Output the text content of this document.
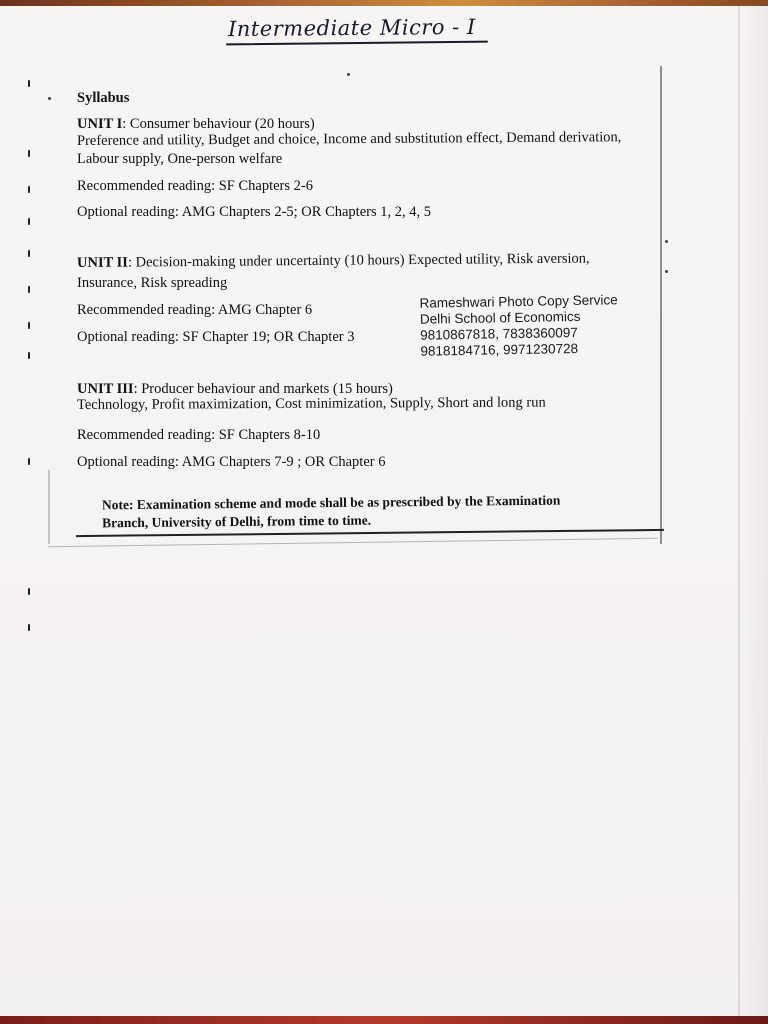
Intermediate Micro - I
Syllabus
UNIT I: Consumer behaviour (20 hours)
Preference and utility, Budget and choice, Income and substitution effect, Demand derivation,
Labour supply, One-person welfare
Recommended reading: SF Chapters 2-6
Optional reading: AMG Chapters 2-5; OR Chapters 1, 2, 4, 5
UNIT II: Decision-making under uncertainty (10 hours) Expected utility, Risk aversion,
Insurance, Risk spreading
Recommended reading: AMG Chapter 6
Optional reading: SF Chapter 19; OR Chapter 3
UNIT III: Producer behaviour and markets (15 hours)
Technology, Profit maximization, Cost minimization, Supply, Short and long run
Recommended reading: SF Chapters 8-10
Optional reading: AMG Chapters 7-9 ; OR Chapter 6
Rameshwari Photo Copy Service
Delhi School of Economics
9810867818, 7838360097
9818184716, 9971230728
Note: Examination scheme and mode shall be as prescribed by the Examination
Branch, University of Delhi, from time to time.
